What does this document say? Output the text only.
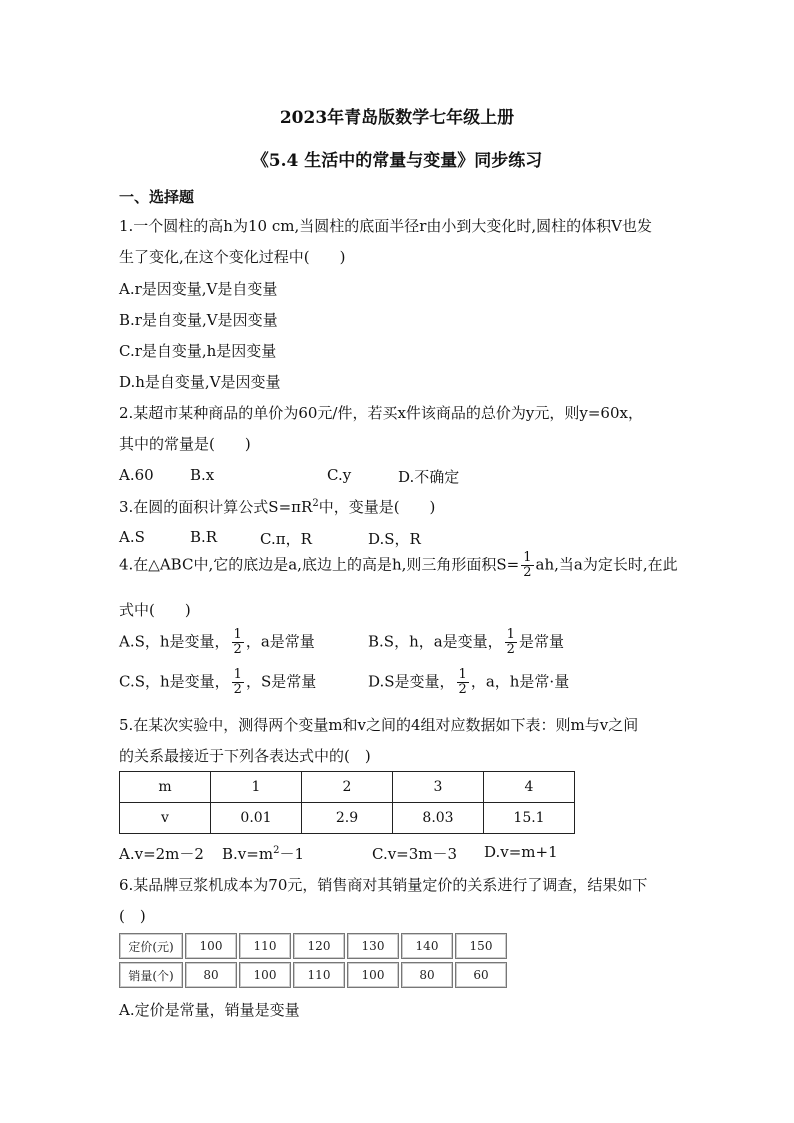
2023年青岛版数学七年级上册
《5.4 生活中的常量与变量》同步练习
一、选择题
1.一个圆柱的高h为10 cm,当圆柱的底面半径r由小到大变化时,圆柱的体积V也发
生了变化,在这个变化过程中(　　)
A.r是因变量,V是自变量
B.r是自变量,V是因变量
C.r是自变量,h是因变量
D.h是自变量,V是因变量
2.某超市某种商品的单价为60元/件，若买x件该商品的总价为y元，则y=60x，
其中的常量是(　　)
A.60 B.x	C.y	D.不确定
3.在圆的面积计算公式$S=\pi R^2$中，变量是(　　)
A.S	B.R	C.π，R	D.S，R
4.在△ABC中,它的底边是a,底边上的高是h,则三角形面积$S= \frac{1}{2}$ ah,当a为定长时,在此
式中(　　)
A.S，h是变量， $\frac{1}{2}$ ，a是常量	B.S，h，a是变量， $\frac{1}{2}$ 是常量
C.S，h是变量， $\frac{1}{2}$ ，S是常量	D.S是变量， $\frac{1}{2}$ ，a，h是常·量
5.在某次实验中，测得两个变量m和v之间的4组对应数据如下表：则m与v之间
的关系最接近于下列各表达式中的(　)
m	1	2	3	4
v	0.01	2.9	8.03	15.1
A.v=2m－2 $B.v=m^2-1$	C.v=3m－3 D.v=m+1
6.某品牌豆浆机成本为70元，销售商对其销量定价的关系进行了调查，结果如下
(　)
定价(元)	100	110	120	130	140	150
销量(个)	80	100	110	100	80	60
A.定价是常量，销量是变量
